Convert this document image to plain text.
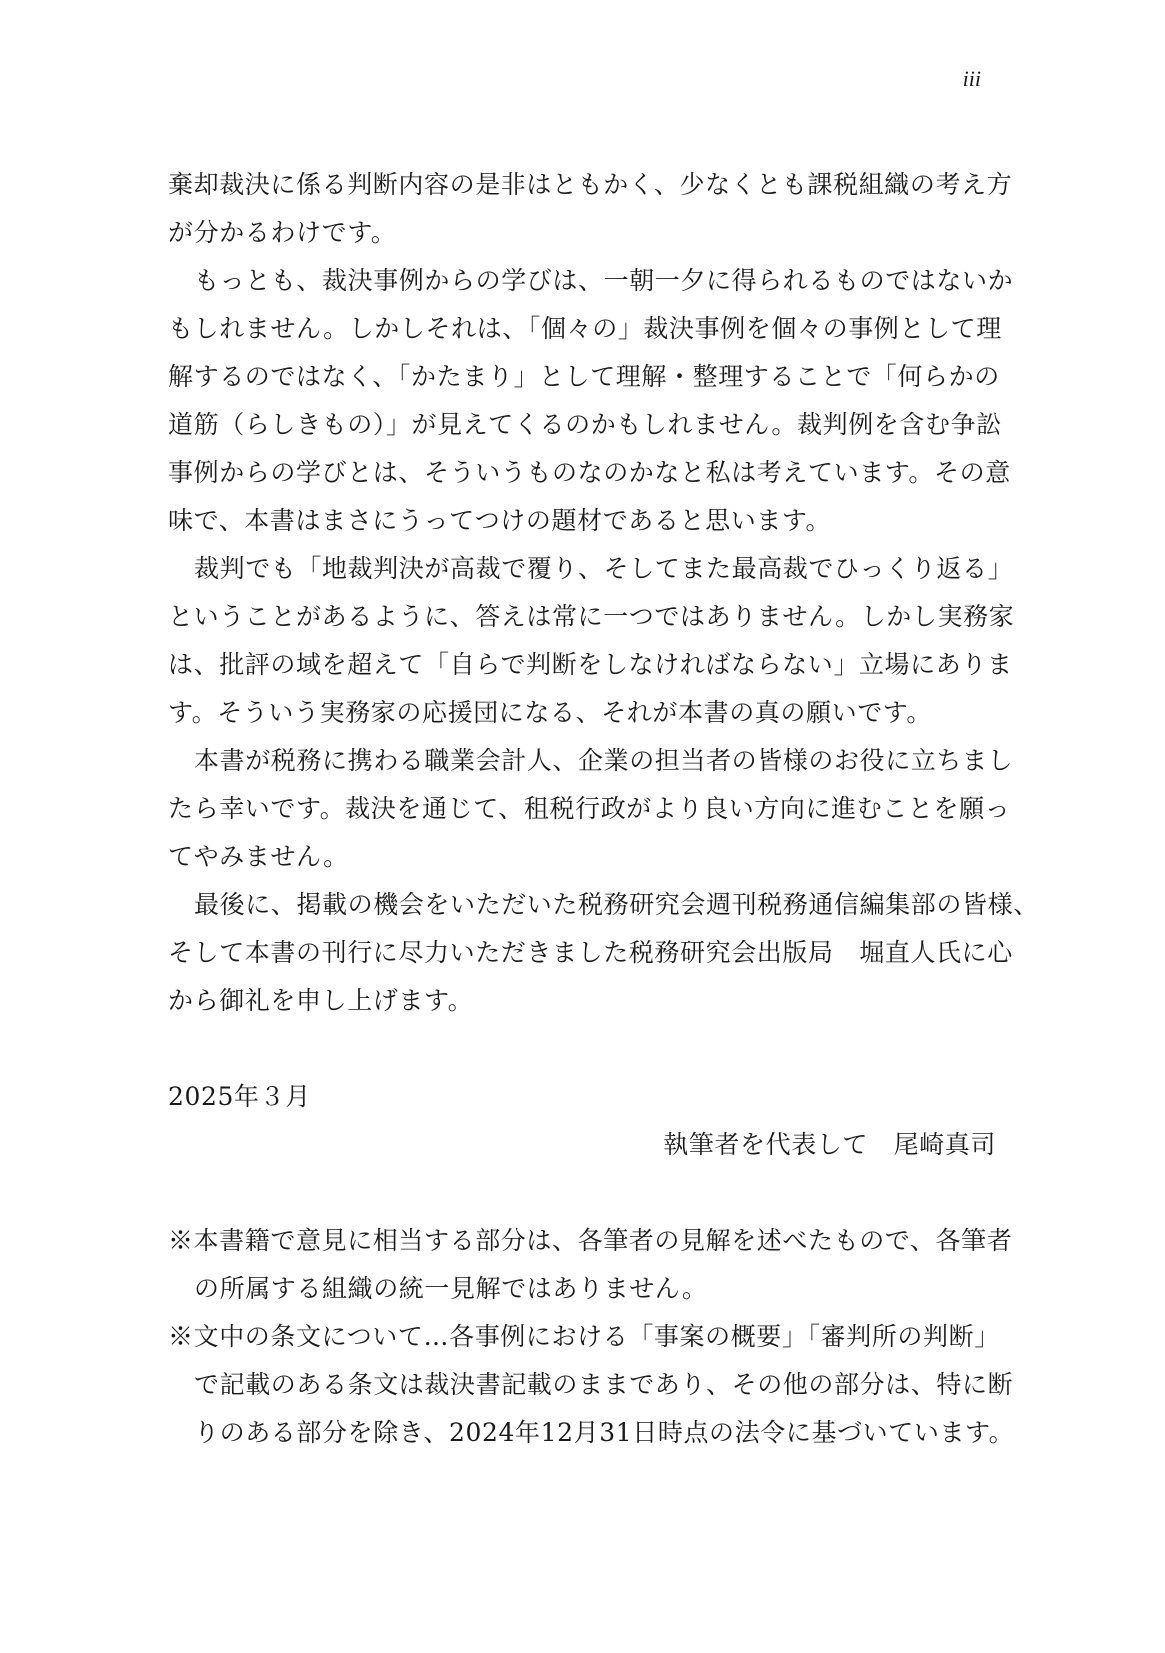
iii
棄却裁決に係る判断内容の是非はともかく、少なくとも課税組織の考え方
が分かるわけです。
もっとも、裁決事例からの学びは、一朝一夕に得られるものではないか
もしれません。しかしそれは、「個々の」裁決事例を個々の事例として理
解するのではなく、「かたまり」として理解・整理することで「何らかの
道筋（らしきもの）」が見えてくるのかもしれません。裁判例を含む争訟
事例からの学びとは、そういうものなのかなと私は考えています。その意
味で、本書はまさにうってつけの題材であると思います。
裁判でも「地裁判決が高裁で覆り、そしてまた最高裁でひっくり返る」
ということがあるように、答えは常に一つではありません。しかし実務家
は、批評の域を超えて「自らで判断をしなければならない」立場にありま
す。そういう実務家の応援団になる、それが本書の真の願いです。
本書が税務に携わる職業会計人、企業の担当者の皆様のお役に立ちまし
たら幸いです。裁決を通じて、租税行政がより良い方向に進むことを願っ
てやみません。
最後に、掲載の機会をいただいた税務研究会週刊税務通信編集部の皆様、
そして本書の刊行に尽力いただきました税務研究会出版局　堀直人氏に心
から御礼を申し上げます。
2025年３月
執筆者を代表して　尾崎真司
※本書籍で意見に相当する部分は、各筆者の見解を述べたもので、各筆者
の所属する組織の統一見解ではありません。
※文中の条文について…各事例における「事案の概要」「審判所の判断」
で記載のある条文は裁決書記載のままであり、その他の部分は、特に断
りのある部分を除き、2024年12月31日時点の法令に基づいています。
